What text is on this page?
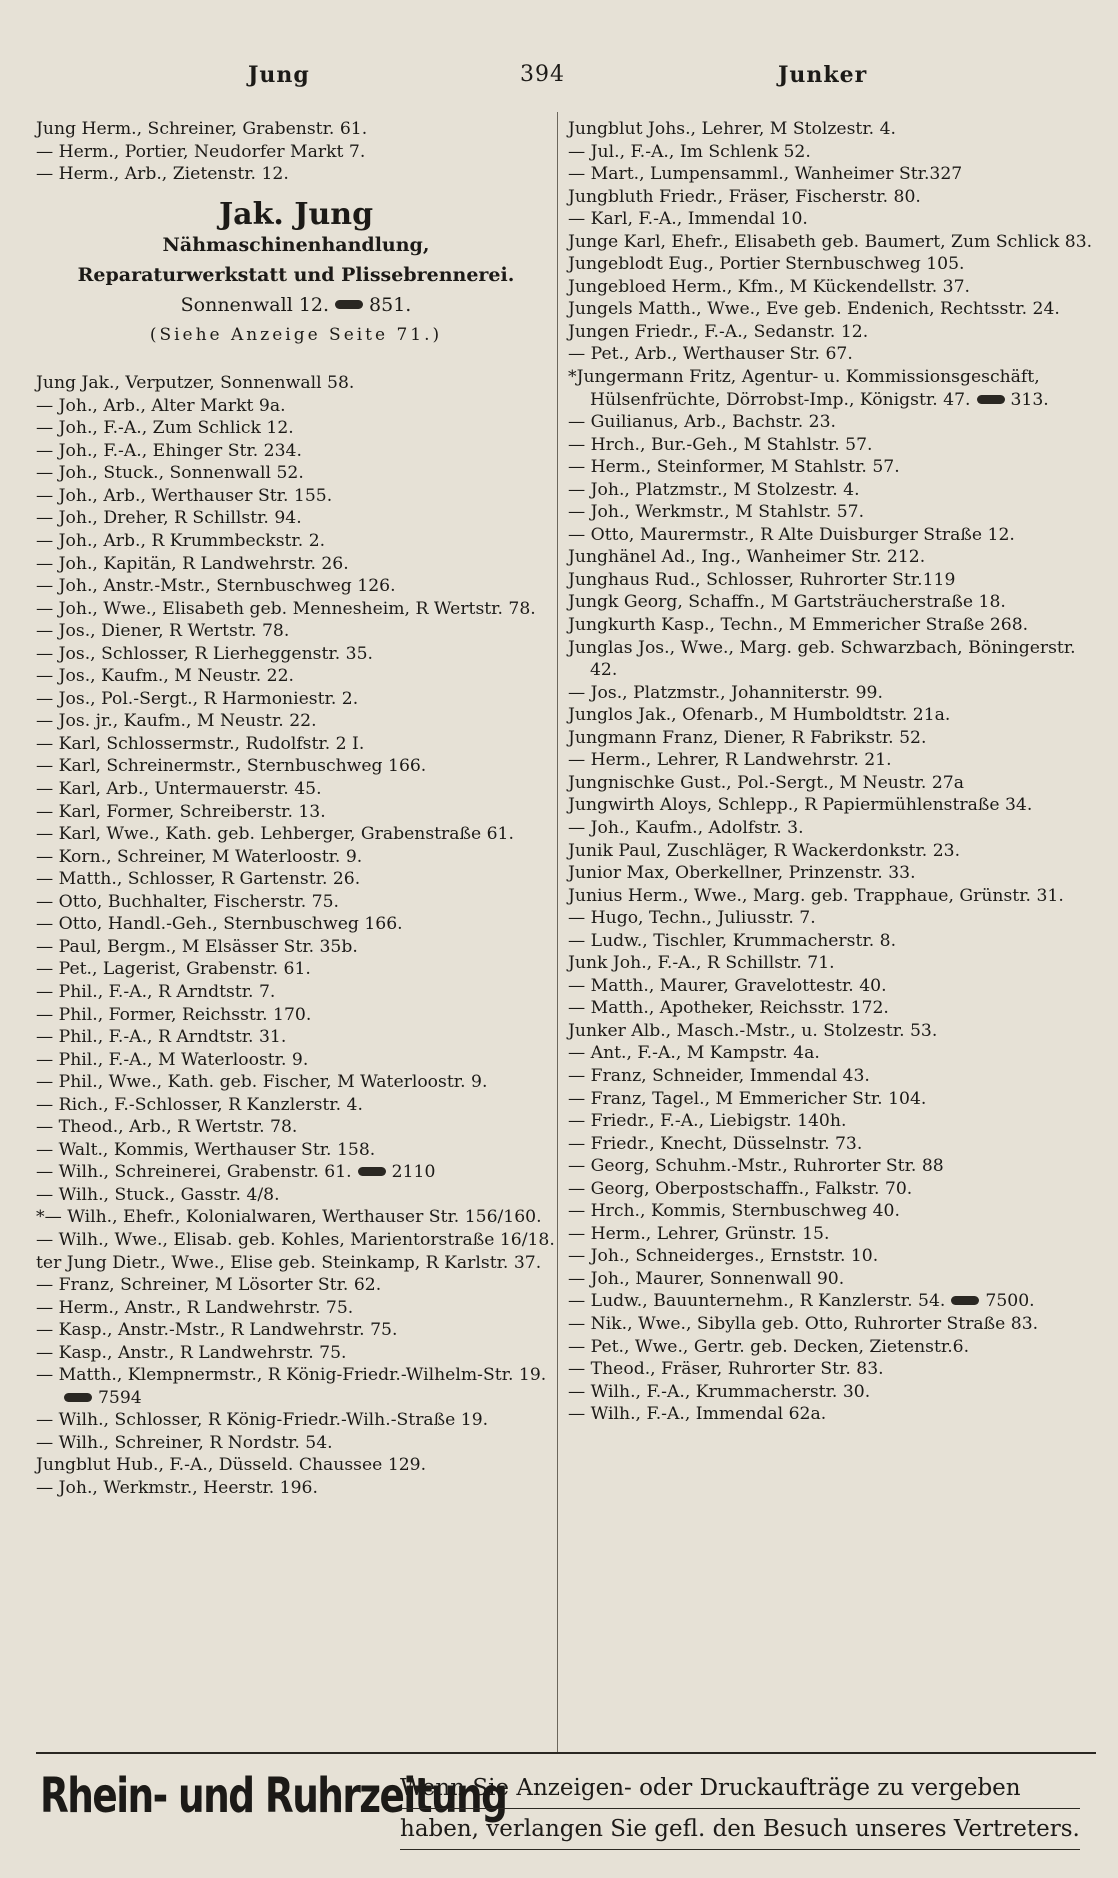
Jung	394	Junker

Jung Herm., Schreiner, Grabenstr. 61.

— Herm., Portier, Neudorfer Markt 7.

— Herm., Arb., Zietenstr. 12.

Jak. Jung
Nähmaschinenhandlung,
Reparaturwerkstatt und Plissebrennerei.
Sonnenwall 12. 851.
(Siehe Anzeige Seite 71.)

Jung Jak., Verputzer, Sonnenwall 58.

— Joh., Arb., Alter Markt 9a.

— Joh., F.-A., Zum Schlick 12.

— Joh., F.-A., Ehinger Str. 234.

— Joh., Stuck., Sonnenwall 52.

— Joh., Arb., Werthauser Str. 155.

— Joh., Dreher, R Schillstr. 94.

— Joh., Arb., R Krummbeckstr. 2.

— Joh., Kapitän, R Landwehrstr. 26.

— Joh., Anstr.-Mstr., Sternbuschweg 126.

— Joh., Wwe., Elisabeth geb. Mennesheim, R Wertstr. 78.

— Jos., Diener, R Wertstr. 78.

— Jos., Schlosser, R Lierheggenstr. 35.

— Jos., Kaufm., M Neustr. 22.

— Jos., Pol.-Sergt., R Harmoniestr. 2.

— Jos. jr., Kaufm., M Neustr. 22.

— Karl, Schlossermstr., Rudolfstr. 2 I.

— Karl, Schreinermstr., Sternbuschweg 166.

— Karl, Arb., Untermauerstr. 45.

— Karl, Former, Schreiberstr. 13.

— Karl, Wwe., Kath. geb. Lehberger, Grabenstraße 61.

— Korn., Schreiner, M Waterloostr. 9.

— Matth., Schlosser, R Gartenstr. 26.

— Otto, Buchhalter, Fischerstr. 75.

— Otto, Handl.-Geh., Sternbuschweg 166.

— Paul, Bergm., M Elsässer Str. 35b.

— Pet., Lagerist, Grabenstr. 61.

— Phil., F.-A., R Arndtstr. 7.

— Phil., Former, Reichsstr. 170.

— Phil., F.-A., R Arndtstr. 31.

— Phil., F.-A., M Waterloostr. 9.

— Phil., Wwe., Kath. geb. Fischer, M Waterloostr. 9.

— Rich., F.-Schlosser, R Kanzlerstr. 4.

— Theod., Arb., R Wertstr. 78.

— Walt., Kommis, Werthauser Str. 158.

— Wilh., Schreinerei, Grabenstr. 61. 2110

— Wilh., Stuck., Gasstr. 4/8.

*— Wilh., Ehefr., Kolonialwaren, Werthauser Str. 156/160.

— Wilh., Wwe., Elisab. geb. Kohles, Marientorstraße 16/18.

ter Jung Dietr., Wwe., Elise geb. Steinkamp, R Karlstr. 37.

— Franz, Schreiner, M Lösorter Str. 62.

— Herm., Anstr., R Landwehrstr. 75.

— Kasp., Anstr.-Mstr., R Landwehrstr. 75.

— Kasp., Anstr., R Landwehrstr. 75.

— Matth., Klempnermstr., R König-Friedr.-Wilhelm-Str. 19.7594

— Wilh., Schlosser, R König-Friedr.-Wilh.-Straße 19.

— Wilh., Schreiner, R Nordstr. 54.

Jungblut Hub., F.-A., Düsseld. Chaussee 129.

— Joh., Werkmstr., Heerstr. 196.

Jungblut Johs., Lehrer, M Stolzestr. 4.

— Jul., F.-A., Im Schlenk 52.

— Mart., Lumpensamml., Wanheimer Str.327

Jungbluth Friedr., Fräser, Fischerstr. 80.

— Karl, F.-A., Immendal 10.

Junge Karl, Ehefr., Elisabeth geb. Baumert, Zum Schlick 83.

Jungeblodt Eug., Portier Sternbuschweg 105.

Jungebloed Herm., Kfm., M Kückendellstr. 37.

Jungels Matth., Wwe., Eve geb. Endenich, Rechtsstr. 24.

Jungen Friedr., F.-A., Sedanstr. 12.

— Pet., Arb., Werthauser Str. 67.

*Jungermann Fritz, Agentur- u. Kommissionsgeschäft, Hülsenfrüchte, Dörrobst-Imp., Königstr. 47. 313.

— Guilianus, Arb., Bachstr. 23.

— Hrch., Bur.-Geh., M Stahlstr. 57.

— Herm., Steinformer, M Stahlstr. 57.

— Joh., Platzmstr., M Stolzestr. 4.

— Joh., Werkmstr., M Stahlstr. 57.

— Otto, Maurermstr., R Alte Duisburger Straße 12.

Junghänel Ad., Ing., Wanheimer Str. 212.

Junghaus Rud., Schlosser, Ruhrorter Str.119

Jungk Georg, Schaffn., M Gartsträucherstraße 18.

Jungkurth Kasp., Techn., M Emmericher Straße 268.

Junglas Jos., Wwe., Marg. geb. Schwarzbach, Böningerstr. 42.

— Jos., Platzmstr., Johanniterstr. 99.

Junglos Jak., Ofenarb., M Humboldtstr. 21a.

Jungmann Franz, Diener, R Fabrikstr. 52.

— Herm., Lehrer, R Landwehrstr. 21.

Jungnischke Gust., Pol.-Sergt., M Neustr. 27a

Jungwirth Aloys, Schlepp., R Papiermühlenstraße 34.

— Joh., Kaufm., Adolfstr. 3.

Junik Paul, Zuschläger, R Wackerdonkstr. 23.

Junior Max, Oberkellner, Prinzenstr. 33.

Junius Herm., Wwe., Marg. geb. Trapphaue, Grünstr. 31.

— Hugo, Techn., Juliusstr. 7.

— Ludw., Tischler, Krummacherstr. 8.

Junk Joh., F.-A., R Schillstr. 71.

— Matth., Maurer, Gravelottestr. 40.

— Matth., Apotheker, Reichsstr. 172.

Junker Alb., Masch.-Mstr., u. Stolzestr. 53.

— Ant., F.-A., M Kampstr. 4a.

— Franz, Schneider, Immendal 43.

— Franz, Tagel., M Emmericher Str. 104.

— Friedr., F.-A., Liebigstr. 140h.

— Friedr., Knecht, Düsselnstr. 73.

— Georg, Schuhm.-Mstr., Ruhrorter Str. 88

— Georg, Oberpostschaffn., Falkstr. 70.

— Hrch., Kommis, Sternbuschweg 40.

— Herm., Lehrer, Grünstr. 15.

— Joh., Schneiderges., Ernststr. 10.

— Joh., Maurer, Sonnenwall 90.

— Ludw., Bauunternehm., R Kanzlerstr. 54. 7500.

— Nik., Wwe., Sibylla geb. Otto, Ruhrorter Straße 83.

— Pet., Wwe., Gertr. geb. Decken, Zietenstr.6.

— Theod., Fräser, Ruhrorter Str. 83.

— Wilh., F.-A., Krummacherstr. 30.

— Wilh., F.-A., Immendal 62a.

Rhein- und Ruhrzeitung
Wenn Sie Anzeigen- oder Druckaufträge zu vergeben
haben, verlangen Sie gefl. den Besuch unseres Vertreters.
